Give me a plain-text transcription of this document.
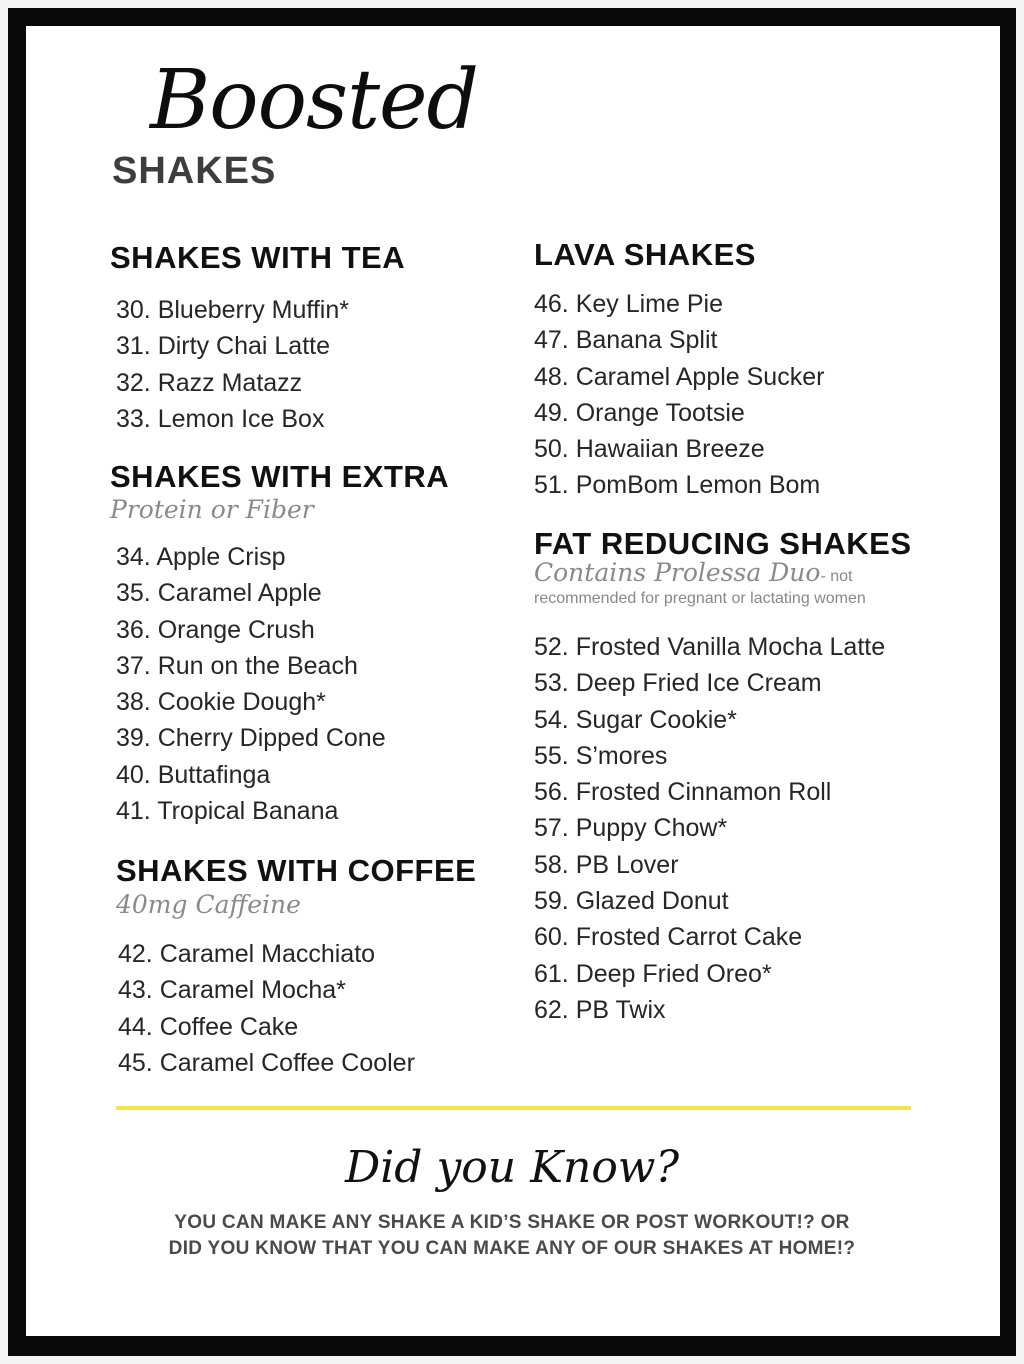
Boosted
SHAKES
SHAKES WITH TEA
30. Blueberry Muffin*
31. Dirty Chai Latte
32. Razz Matazz
33. Lemon Ice Box
SHAKES WITH EXTRA
Protein or Fiber
34. Apple Crisp
35. Caramel Apple
36. Orange Crush
37. Run on the Beach
38. Cookie Dough*
39. Cherry Dipped Cone
40. Buttafinga
41. Tropical Banana
SHAKES WITH COFFEE
40mg Caffeine
42. Caramel Macchiato
43. Caramel Mocha*
44. Coffee Cake
45. Caramel Coffee Cooler
LAVA SHAKES
46. Key Lime Pie
47. Banana Split
48. Caramel Apple Sucker
49. Orange Tootsie
50. Hawaiian Breeze
51. PomBom Lemon Bom
FAT REDUCING SHAKES
Contains Prolessa Duo- not
recommended for pregnant or lactating women
52. Frosted Vanilla Mocha Latte
53. Deep Fried Ice Cream
54. Sugar Cookie*
55. S’mores
56. Frosted Cinnamon Roll
57. Puppy Chow*
58. PB Lover
59. Glazed Donut
60. Frosted Carrot Cake
61. Deep Fried Oreo*
62. PB Twix
Did you Know?
YOU CAN MAKE ANY SHAKE A KID’S SHAKE OR POST WORKOUT!? OR
DID YOU KNOW THAT YOU CAN MAKE ANY OF OUR SHAKES AT HOME!?
